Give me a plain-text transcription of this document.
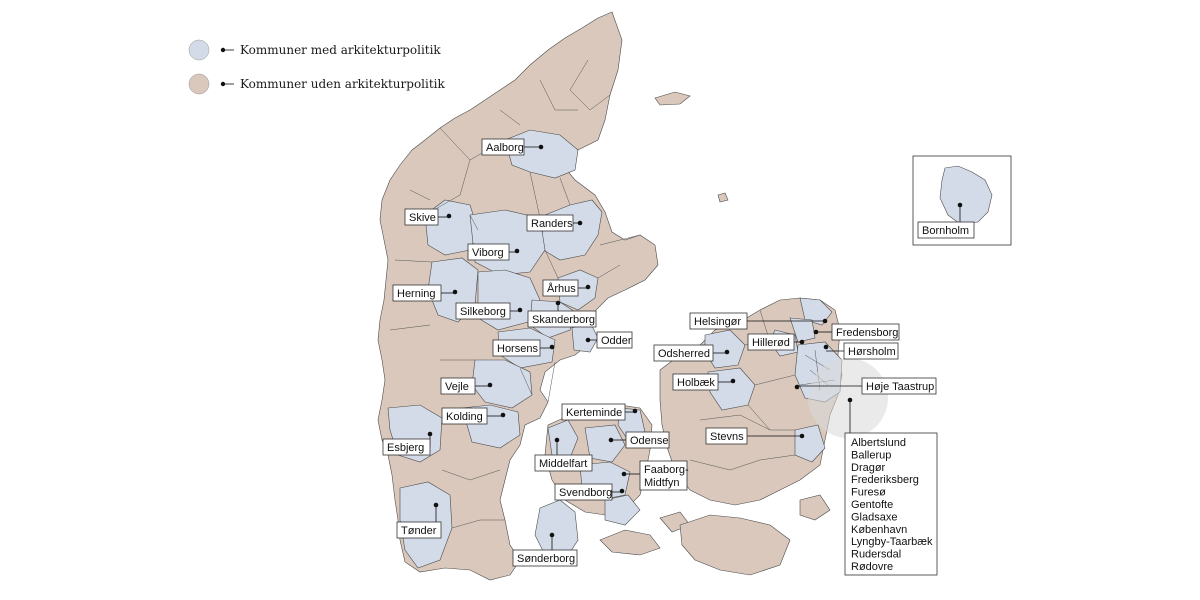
Kommuner med arkitekturpolitik
Kommuner uden arkitekturpolitik
Aalborg
Skive	Randers
Viborg
Århus
Herning
Silkeborg
Skanderborg
Odder
Horsens
Vejle
Kolding
Esbjerg
Middelfart
Kerteminde
Odense
Faaborg-
Midtfyn
Svendborg
Tønder
Sønderborg
Helsingør
Fredensborg
Hillerød
Hørsholm
Odsherred
Holbæk	Høje Taastrup
Stevns
Bornholm
Albertslund
Ballerup
Dragør
Frederiksberg
Furesø
Gentofte
Gladsaxe
København
Lyngby-Taarbæk
Rudersdal
Rødovre
